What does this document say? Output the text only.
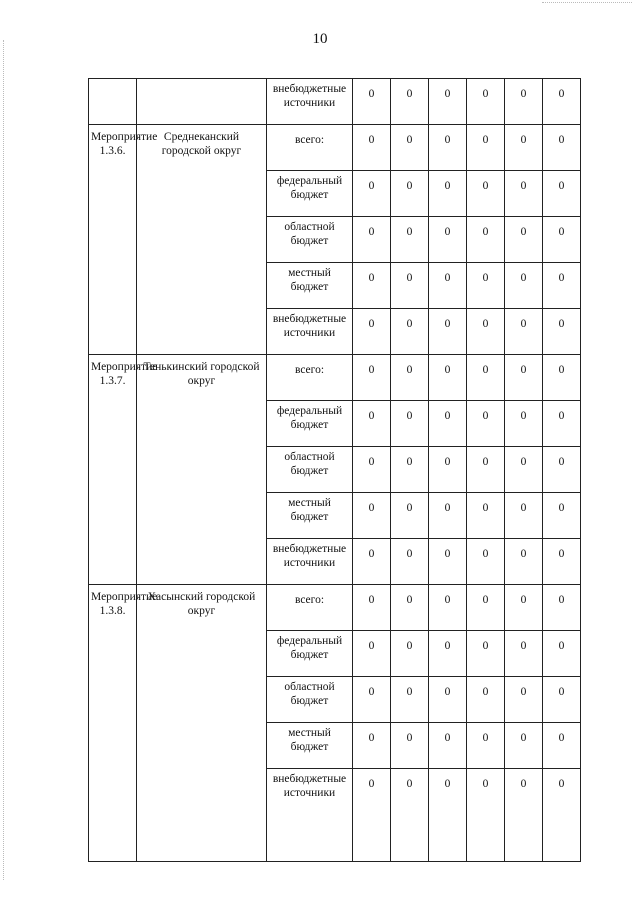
10
		внебюджетные источники	0	0	0	0	0	0
Мероприятие 1.3.6.	Среднеканский городской округ	всего:	0	0	0	0	0	0
		федеральный бюджет	0	0	0	0	0	0
		областной бюджет	0	0	0	0	0	0
		местный бюджет	0	0	0	0	0	0
		внебюджетные источники	0	0	0	0	0	0
Мероприятие 1.3.7.	Тенькинский городской округ	всего:	0	0	0	0	0	0
		федеральный бюджет	0	0	0	0	0	0
		областной бюджет	0	0	0	0	0	0
		местный бюджет	0	0	0	0	0	0
		внебюджетные источники	0	0	0	0	0	0
Мероприятие 1.3.8.	Хасынский городской округ	всего:	0	0	0	0	0	0
		федеральный бюджет	0	0	0	0	0	0
		областной бюджет	0	0	0	0	0	0
		местный бюджет	0	0	0	0	0	0
		внебюджетные источники	0	0	0	0	0	0
